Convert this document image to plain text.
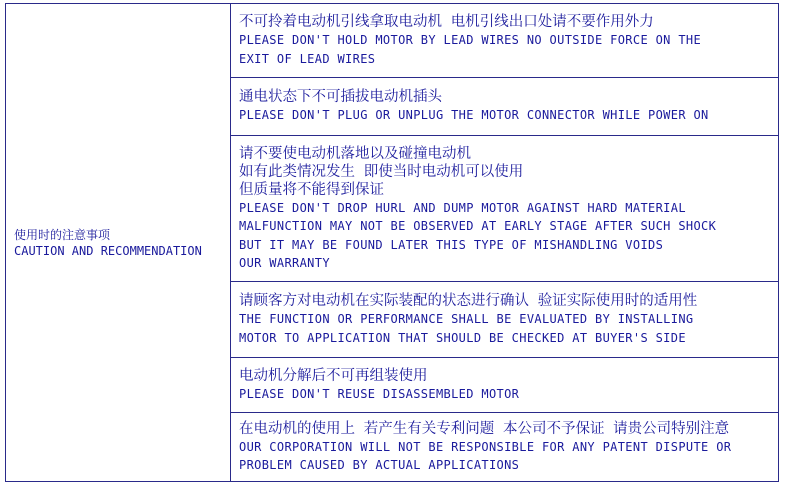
使用时的注意事项
CAUTION AND RECOMMENDATION

不可拎着电动机引线拿取电动机 电机引线出口处请不要作用外力
PLEASE DON'T HOLD MOTOR BY LEAD WIRES NO OUTSIDE FORCE ON THE
EXIT OF LEAD WIRES

通电状态下不可插拔电动机插头
PLEASE DON'T PLUG OR UNPLUG THE MOTOR CONNECTOR WHILE POWER ON

请不要使电动机落地以及碰撞电动机
如有此类情况发生 即使当时电动机可以使用
但质量将不能得到保证
PLEASE DON'T DROP HURL AND DUMP MOTOR AGAINST HARD MATERIAL
MALFUNCTION MAY NOT BE OBSERVED AT EARLY STAGE AFTER SUCH SHOCK
BUT IT MAY BE FOUND LATER THIS TYPE OF MISHANDLING VOIDS
OUR WARRANTY

请顾客方对电动机在实际装配的状态进行确认 验证实际使用时的适用性
THE FUNCTION OR PERFORMANCE SHALL BE EVALUATED BY INSTALLING
MOTOR TO APPLICATION THAT SHOULD BE CHECKED AT BUYER'S SIDE

电动机分解后不可再组装使用
PLEASE DON'T REUSE DISASSEMBLED MOTOR

在电动机的使用上 若产生有关专利问题 本公司不予保证 请贵公司特别注意
OUR CORPORATION WILL NOT BE RESPONSIBLE FOR ANY PATENT DISPUTE OR
PROBLEM CAUSED BY ACTUAL APPLICATIONS
